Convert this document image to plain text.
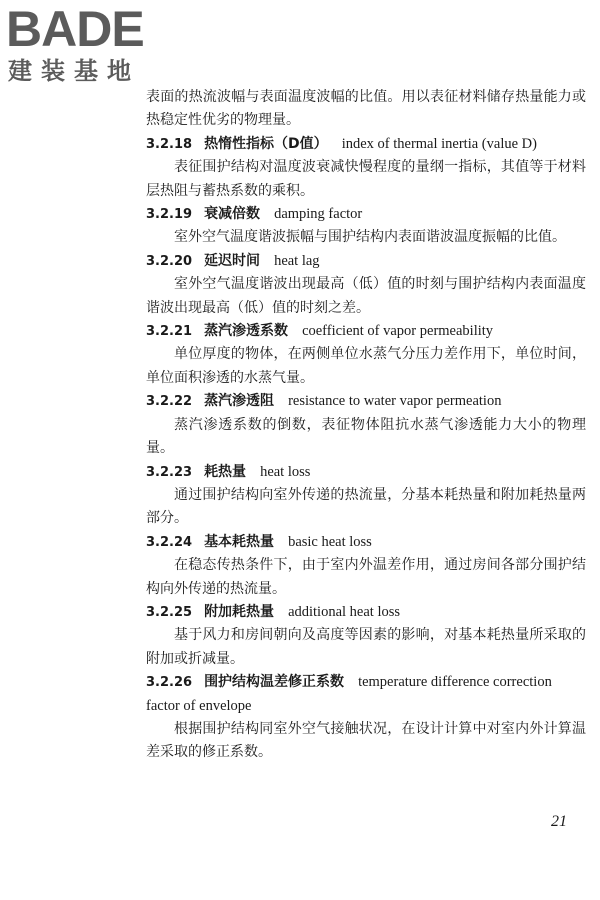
BADE
建装基地

表面的热流波幅与表面温度波幅的比值。用以表征材料储存热量能力或热稳定性优劣的物理量。

3.2.18 热惰性指标（D值） index of thermal inertia (value D)

表征围护结构对温度波衰减快慢程度的量纲一指标，其值等于材料层热阻与蓄热系数的乘积。

3.2.19 衰减倍数 damping factor

室外空气温度谐波振幅与围护结构内表面谐波温度振幅的比值。

3.2.20 延迟时间 heat lag

室外空气温度谐波出现最高（低）值的时刻与围护结构内表面温度谐波出现最高（低）值的时刻之差。

3.2.21 蒸汽渗透系数 coefficient of vapor permeability

单位厚度的物体，在两侧单位水蒸气分压力差作用下，单位时间，单位面积渗透的水蒸气量。

3.2.22 蒸汽渗透阻 resistance to water vapor permeation

蒸汽渗透系数的倒数，表征物体阻抗水蒸气渗透能力大小的物理量。

3.2.23 耗热量 heat loss

通过围护结构向室外传递的热流量，分基本耗热量和附加耗热量两部分。

3.2.24 基本耗热量 basic heat loss

在稳态传热条件下，由于室内外温差作用，通过房间各部分围护结构向外传递的热流量。

3.2.25 附加耗热量 additional heat loss

基于风力和房间朝向及高度等因素的影响，对基本耗热量所采取的附加或折减量。

3.2.26 围护结构温差修正系数 temperature difference correction factor of envelope

根据围护结构同室外空气接触状况，在设计计算中对室内外计算温差采取的修正系数。

21
